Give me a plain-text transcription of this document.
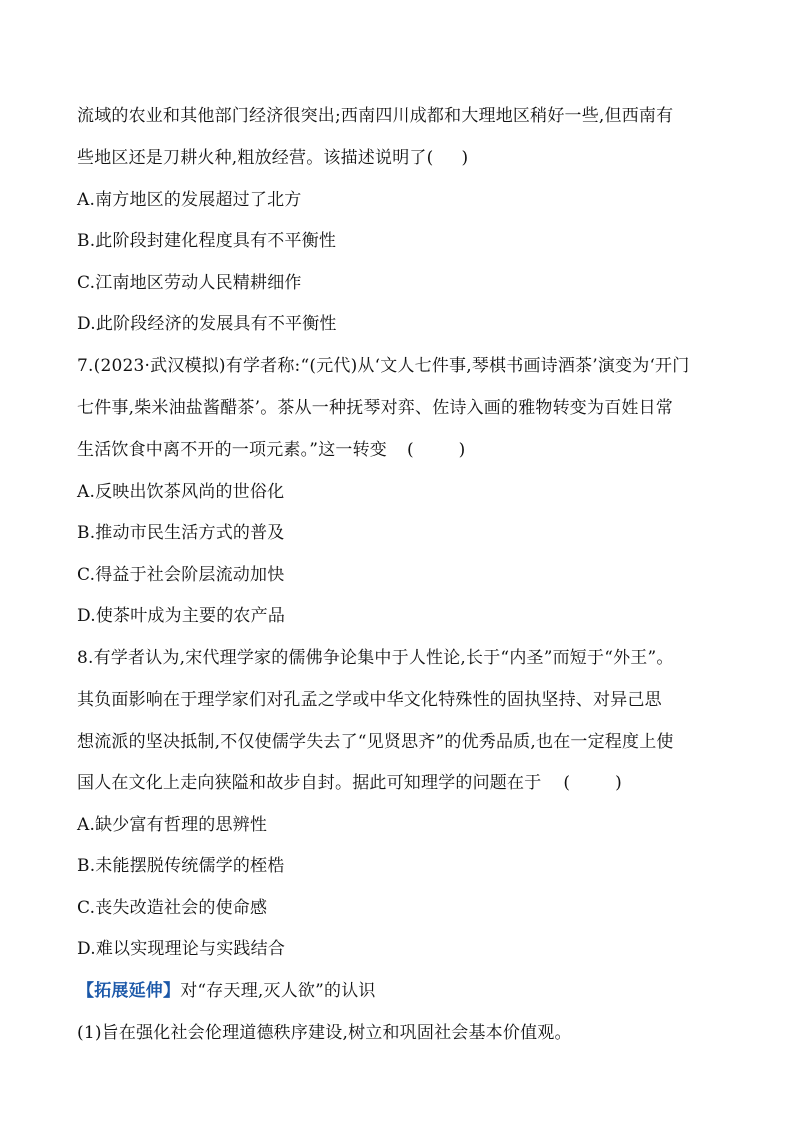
流域的农业和其他部门经济很突出;西南四川成都和大理地区稍好一些,但西南有
些地区还是刀耕火种,粗放经营。该描述说明了( )
A.南方地区的发展超过了北方
B.此阶段封建化程度具有不平衡性
C.江南地区劳动人民精耕细作
D.此阶段经济的发展具有不平衡性
7.(2023·武汉模拟)有学者称:“(元代)从‘文人七件事,琴棋书画诗酒茶’演变为‘开门
七件事,柴米油盐酱醋茶’。茶从一种抚琴对弈、佐诗入画的雅物转变为百姓日常
生活饮食中离不开的一项元素。”这一转变 (        )
A.反映出饮茶风尚的世俗化
B.推动市民生活方式的普及
C.得益于社会阶层流动加快
D.使茶叶成为主要的农产品
8.有学者认为,宋代理学家的儒佛争论集中于人性论,长于“内圣”而短于“外王”。
其负面影响在于理学家们对孔孟之学或中华文化特殊性的固执坚持、对异己思
想流派的坚决抵制,不仅使儒学失去了“见贤思齐”的优秀品质,也在一定程度上使
国人在文化上走向狭隘和故步自封。据此可知理学的问题在于 (        )
A.缺少富有哲理的思辨性
B.未能摆脱传统儒学的桎梏
C.丧失改造社会的使命感
D.难以实现理论与实践结合
【拓展延伸】对“存天理,灭人欲”的认识
(1)旨在强化社会伦理道德秩序建设,树立和巩固社会基本价值观。
